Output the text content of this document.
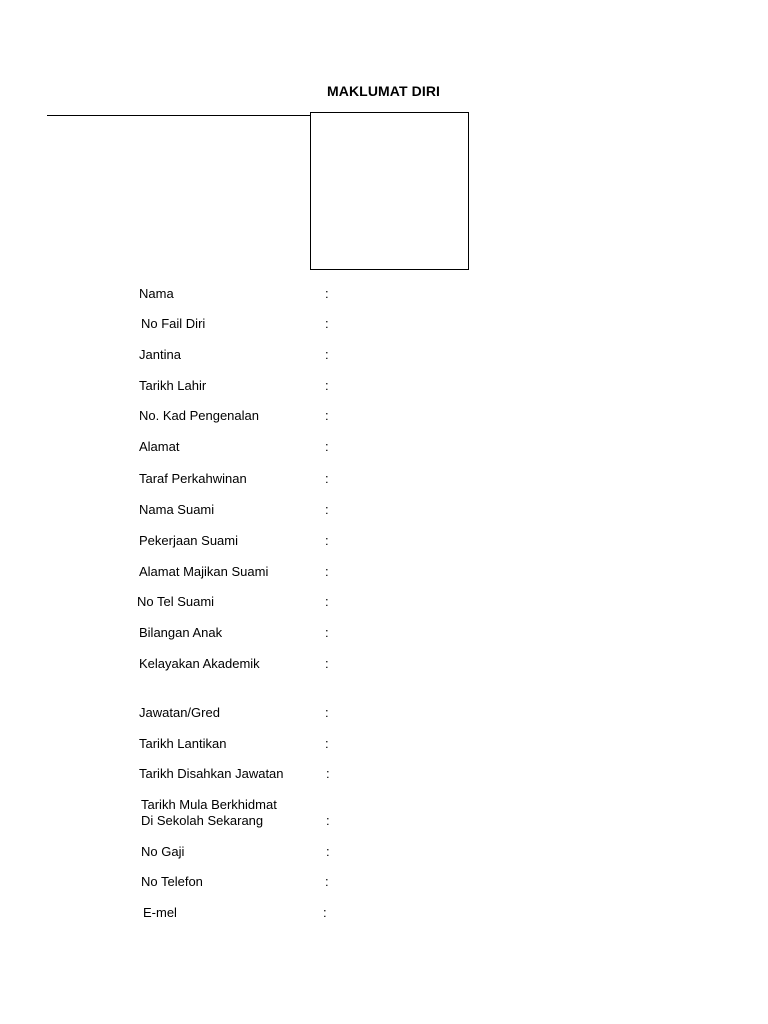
MAKLUMAT DIRI
Nama	:
No Fail Diri	:
Jantina	:
Tarikh Lahir	:
No. Kad Pengenalan	:
Alamat	:
Taraf Perkahwinan	:
Nama Suami	:
Pekerjaan Suami	:
Alamat Majikan Suami	:
No Tel Suami	:
Bilangan Anak	:
Kelayakan Akademik	:
Jawatan/Gred	:
Tarikh Lantikan	:
Tarikh Disahkan Jawatan	:
Tarikh Mula Berkhidmat
Di Sekolah Sekarang	:
No Gaji	:
No Telefon	:
E-mel	:
